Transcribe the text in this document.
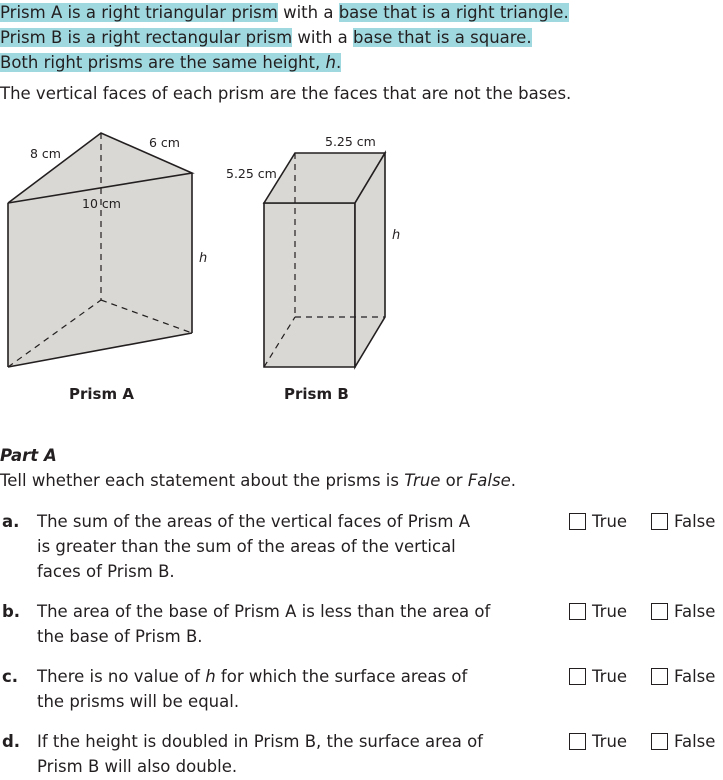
Prism A is a right triangular prism with a base that is a right triangle.
Prism B is a right rectangular prism with a base that is a square.
Both right prisms are the same height, h.
The vertical faces of each prism are the faces that are not the bases.
8 cm
6 cm
10 cm
h
5.25 cm
5.25 cm
h
Prism A	Prism B
Part A
Tell whether each statement about the prisms is True or False.
a. The sum of the areas of the vertical faces of Prism A
is greater than the sum of the areas of the vertical
faces of Prism B.
True	False
b. The area of the base of Prism A is less than the area of
the base of Prism B.
True	False
c. There is no value of h for which the surface areas of
the prisms will be equal.
True	False
d. If the height is doubled in Prism B, the surface area of
Prism B will also double.
True	False
